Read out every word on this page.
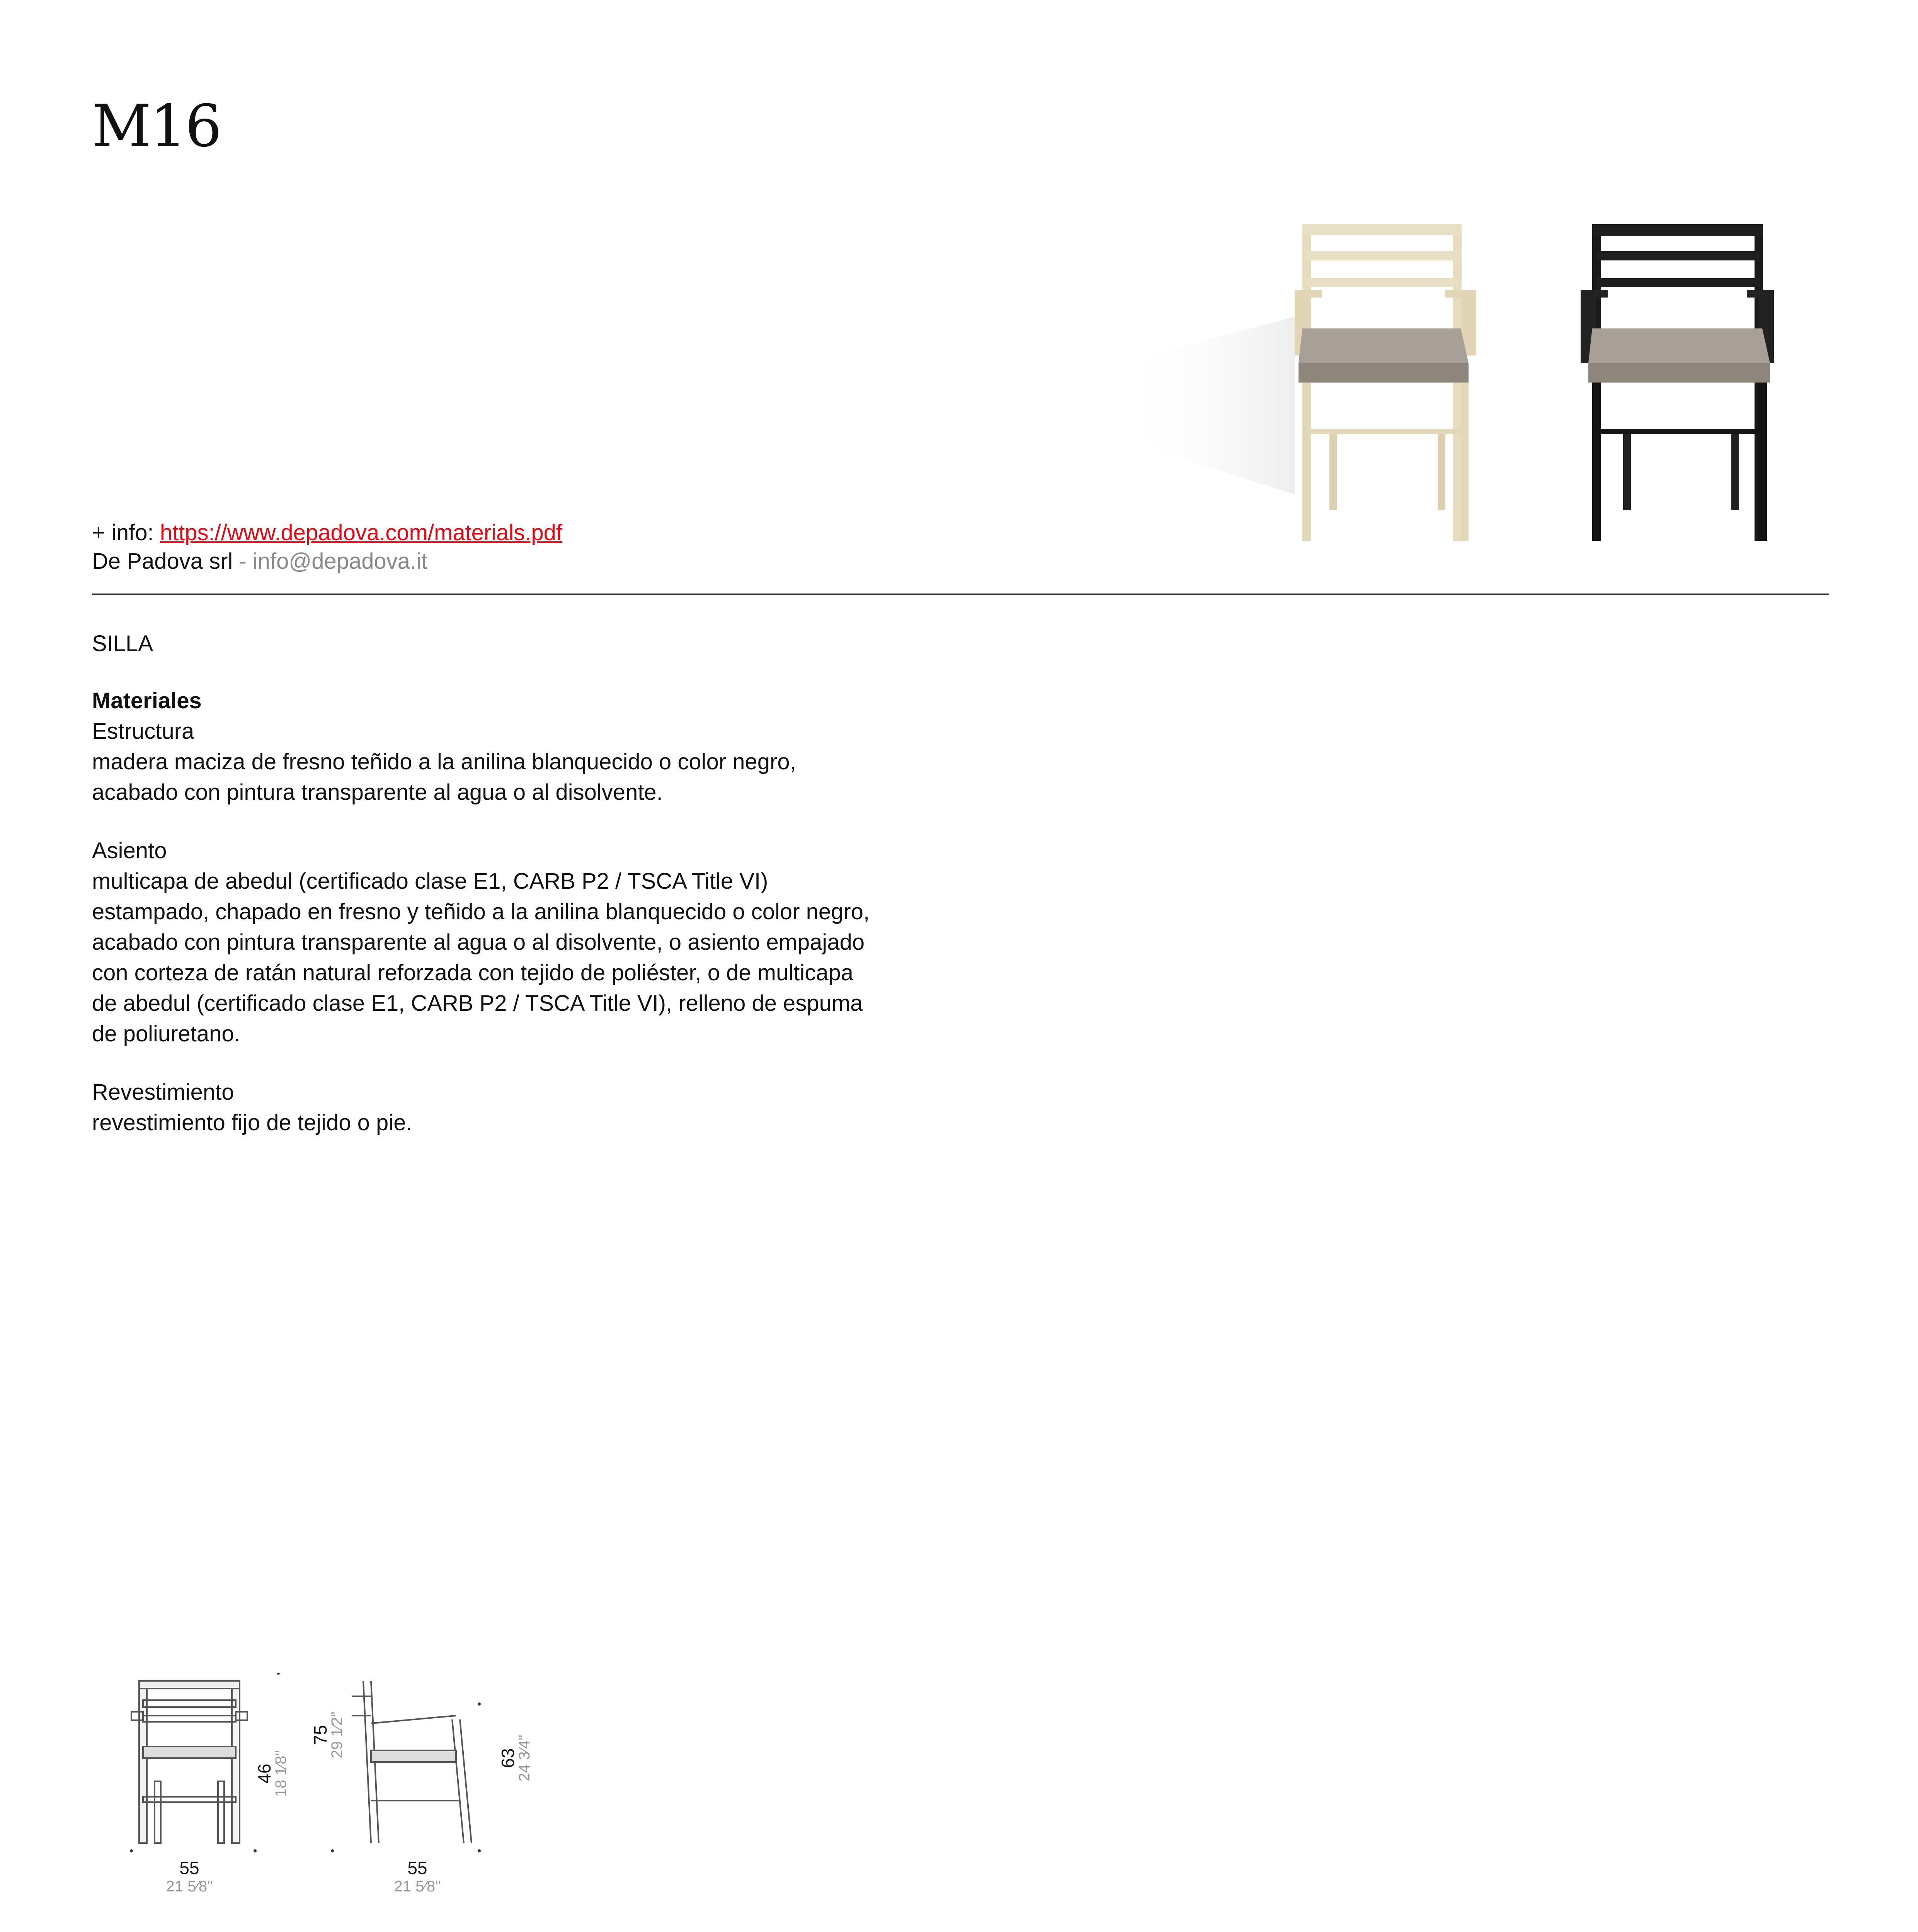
M16
+ info: https://www.depadova.com/materials.pdf
De Padova srl - info@depadova.it
SILLA
Materiales

Estructura
madera maciza de fresno teñido a la anilina blanquecido o color negro,
acabado con pintura transparente al agua o al disolvente.

Asiento
multicapa de abedul (certificado clase E1, CARB P2 / TSCA Title VI)
estampado, chapado en fresno y teñido a la anilina blanquecido o color negro,
acabado con pintura transparente al agua o al disolvente, o asiento empajado
con corteza de ratán natural reforzada con tejido de poliéster, o de multicapa
de abedul (certificado clase E1, CARB P2 / TSCA Title VI), relleno de espuma
de poliuretano.

Revestimiento
revestimiento fijo de tejido o pie.

55
21 5⁄8"
55
21 5⁄8"
46
18 1⁄8"
75
29 1⁄2"	63
24 3⁄4"
